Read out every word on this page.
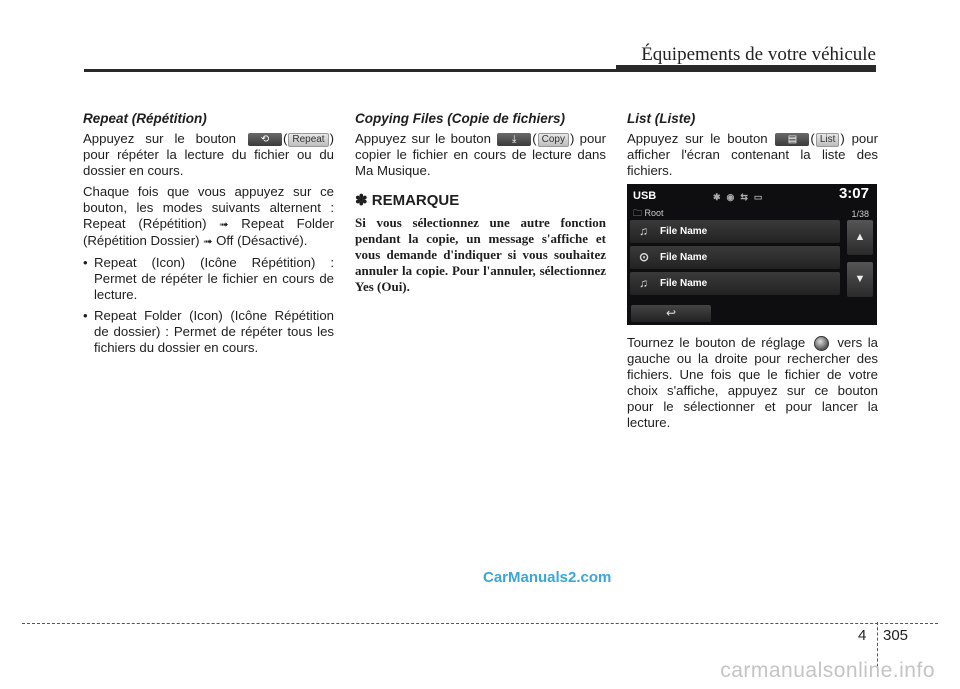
Équipements de votre véhicule
Repeat (Répétition)

Appuyez sur le bouton ⟲ ( Repeat ) pour répéter la lecture du fichier ou du dossier en cours.

Chaque fois que vous appuyez sur ce bouton, les modes suivants alternent : Repeat (Répétition) ➟ Repeat Folder (Répétition Dossier) ➟ Off (Désactivé).

• Repeat (Icon) (Icône Répétition) : Permet de répéter le fichier en cours de lecture.
• Repeat Folder (Icon) (Icône Répétition de dossier) : Permet de répéter tous les fichiers du dossier en cours.
Copying Files (Copie de fichiers)

Appuyez sur le bouton ⤓ ( Copy ) pour copier le fichier en cours de lecture dans Ma Musique.

✽ REMARQUE
Si vous sélectionnez une autre fonction pendant la copie, un message s'affiche et vous demande d'indiquer si vous souhaitez annuler la copie. Pour l'annuler, sélectionnez Yes (Oui).
List (Liste)

Appuyez sur le bouton ▤ ( List ) pour afficher l'écran contenant la liste des fichiers.

USB	✱◉⇆▭	3:07
🗀 Root	1/38
♫ File Name
⊙ File Name
♫ File Name
▲
▼
↩

Tournez le bouton de réglage vers la gauche ou la droite pour rechercher des fichiers. Une fois que le fichier de votre choix s'affiche, appuyez sur ce bouton pour le sélectionner et pour lancer la lecture.

CarManuals2.com
4 305
carmanualsonline.info
